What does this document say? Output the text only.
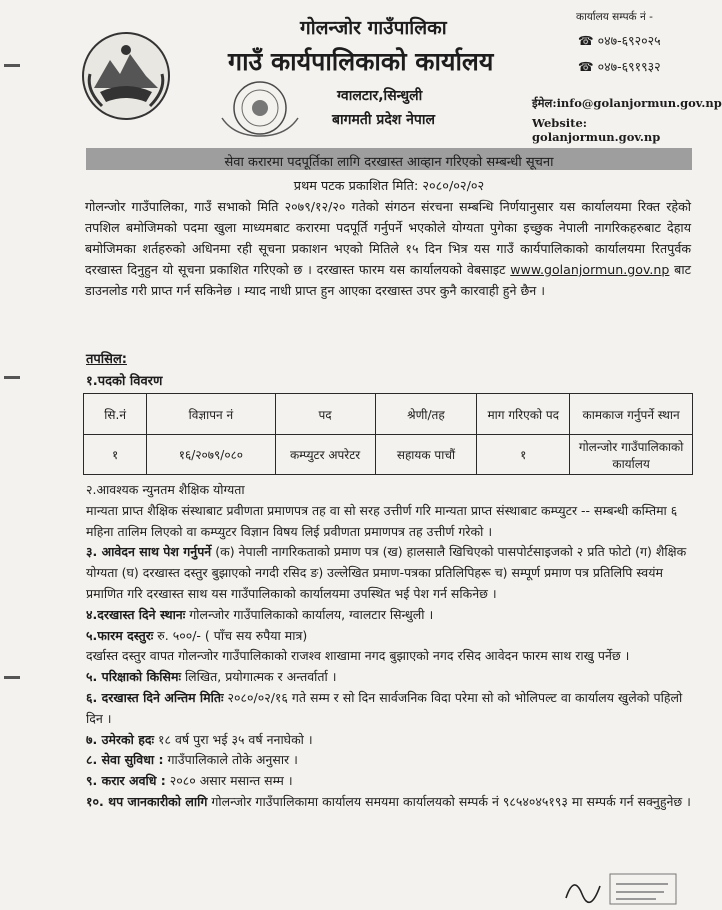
गोलन्जोर गाउँपालिका
गाउँ कार्यपालिकाको कार्यालय
ग्वालटार,सिन्धुली
बागमती प्रदेश नेपाल
कार्यालय सम्पर्क नं -
☎ ०४७-६९२०२५
☎ ०४७-६९१९३२
ईमेल:info@golanjormun.gov.np
Website: golanjormun.gov.np
सेवा करारमा पदपूर्तिका लागि दरखास्त आव्हान गरिएको सम्बन्धी सूचना
प्रथम पटक प्रकाशित मिति: २०८०/०२/०२
गोलन्जोर गाउँपालिका, गाउँ सभाको मिति २०७९/१२/२० गतेको संगठन संरचना सम्बन्धि निर्णयानुसार यस कार्यालयमा रिक्त रहेको तपशिल बमोजिमको पदमा खुला माध्यमबाट करारमा पदपूर्ति गर्नुपर्ने भएकोले योग्यता पुगेका इच्छुक नेपाली नागरिकहरुबाट देहाय बमोजिमका शर्तहरुको अधिनमा रही सूचना प्रकाशन भएको मितिले १५ दिन भित्र यस गाउँ कार्यपालिकाको कार्यालयमा रितपुर्वक दरखास्त दिनुहुन यो सूचना प्रकाशित गरिएको छ । दरखास्त फारम यस कार्यालयको वेबसाइट www.golanjormun.gov.np बाट डाउनलोड गरी प्राप्त गर्न सकिनेछ । म्याद नाधी प्राप्त हुन आएका दरखास्त उपर कुनै कारवाही हुने छैन ।
तपसिल:
१.पदको विवरण
सि.नं	विज्ञापन नं	पद	श्रेणी/तह	माग गरिएको पद	कामकाज गर्नुपर्ने स्थान
१	१६/२०७९/०८०	कम्प्युटर अपरेटर	सहायक पाचौं	१	गोलन्जोर गाउँपालिकाको कार्यालय

२.आवश्यक न्युनतम शैक्षिक योग्यता

मान्यता प्राप्त शैक्षिक संस्थाबाट प्रवीणता प्रमाणपत्र तह वा सो सरह उत्तीर्ण गरि मान्यता प्राप्त संस्थाबाट कम्प्युटर -- सम्बन्धी कम्तिमा ६ महिना तालिम लिएको वा कम्प्युटर विज्ञान विषय लिई प्रवीणता प्रमाणपत्र तह उत्तीर्ण गरेको ।

३. आवेदन साथ पेश गर्नुपर्ने (क) नेपाली नागरिकताको प्रमाण पत्र (ख) हालसालै खिचिएको पासपोर्टसाइजको २ प्रति फोटो (ग) शैक्षिक योग्यता (घ) दरखास्त दस्तुर बुझाएको नगदी रसिद ङ) उल्लेखित प्रमाण-पत्रका प्रतिलिपिहरू च) सम्पूर्ण प्रमाण पत्र प्रतिलिपि स्वयंम प्रमाणित गरि दरखास्त साथ यस गाउँपालिकाको कार्यालयमा उपस्थित भई पेश गर्न सकिनेछ ।

४.दरखास्त दिने स्थानः गोलन्जोर गाउँपालिकाको कार्यालय, ग्वालटार सिन्धुली ।

५.फारम दस्तुरः रु. ५००/- ( पाँच सय रुपैया मात्र)

दर्खास्त दस्तुर वापत गोलन्जोर गाउँपालिकाको राजश्व शाखामा नगद बुझाएको नगद रसिद आवेदन फारम साथ राखु पर्नेछ ।

५. परिक्षाको किसिमः लिखित, प्रयोगात्मक र अन्तर्वार्ता ।

६. दरखास्त दिने अन्तिम मितिः २०८०/०२/१६ गते सम्म र सो दिन सार्वजनिक विदा परेमा सो को भोलिपल्ट वा कार्यालय खुलेको पहिलो दिन ।

७. उमेरको हदः १८ वर्ष पुरा भई ३५ वर्ष ननाघेको ।

८. सेवा सुविधा : गाउँपालिकाले तोके अनुसार ।

९. करार अवधि : २०८० असार मसान्त सम्म ।

१०. थप जानकारीको लागि गोलन्जोर गाउँपालिकामा कार्यालय समयमा कार्यालयको सम्पर्क नं ९८५४०४५१९३ मा सम्पर्क गर्न सक्नुहुनेछ ।
